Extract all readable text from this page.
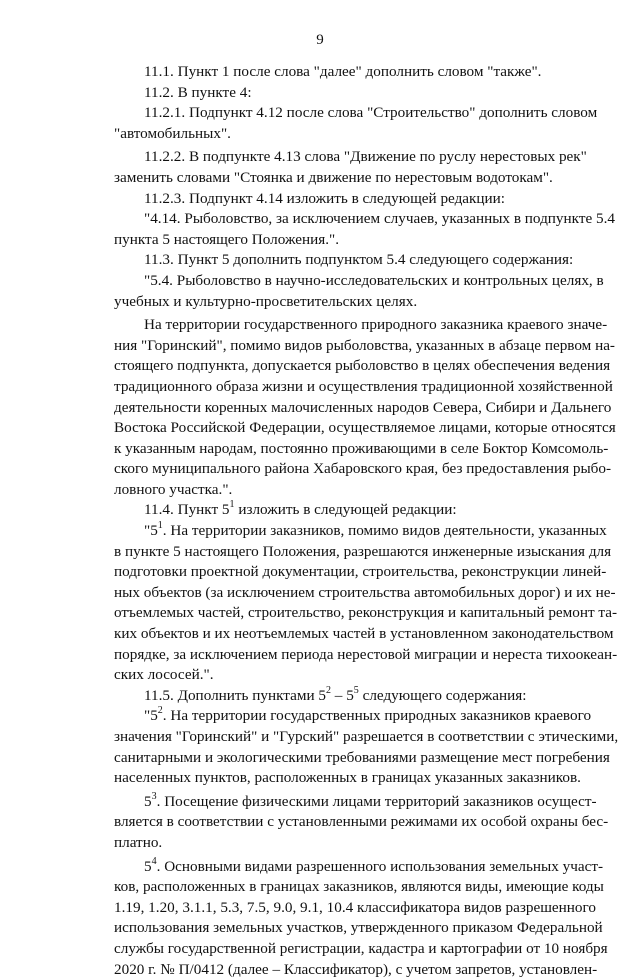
9
11.1. Пункт 1 после слова "далее" дополнить словом "также".
11.2. В пункте 4:
11.2.1. Подпункт 4.12 после слова "Строительство" дополнить словом
"автомобильных".
11.2.2. В подпункте 4.13 слова "Движение по руслу нерестовых рек"
заменить словами "Стоянка и движение по нерестовым водотокам".
11.2.3. Подпункт 4.14 изложить в следующей редакции:
"4.14. Рыболовство, за исключением случаев, указанных в подпункте 5.4
пункта 5 настоящего Положения.".
11.3. Пункт 5 дополнить подпунктом 5.4 следующего содержания:
"5.4. Рыболовство в научно-исследовательских и контрольных целях, в
учебных и культурно-просветительских целях.
На территории государственного природного заказника краевого значе-
ния "Горинский", помимо видов рыболовства, указанных в абзаце первом на-
стоящего подпункта, допускается рыболовство в целях обеспечения ведения
традиционного образа жизни и осуществления традиционной хозяйственной
деятельности коренных малочисленных народов Севера, Сибири и Дальнего
Востока Российской Федерации, осуществляемое лицами, которые относятся
к указанным народам, постоянно проживающими в селе Боктор Комсомоль-
ского муниципального района Хабаровского края, без предоставления рыбо-
ловного участка.".
11.4. Пункт $5^1$ изложить в следующей редакции:
"$5^1$. На территории заказников, помимо видов деятельности, указанных
в пункте 5 настоящего Положения, разрешаются инженерные изыскания для
подготовки проектной документации, строительства, реконструкции линей-
ных объектов (за исключением строительства автомобильных дорог) и их не-
отъемлемых частей, строительство, реконструкция и капитальный ремонт та-
ких объектов и их неотъемлемых частей в установленном законодательством
порядке, за исключением периода нерестовой миграции и нереста тихоокеан-
ских лососей.".
11.5. Дополнить пунктами $5^2 - 5^5$ следующего содержания:
"$5^2$. На территории государственных природных заказников краевого
значения "Горинский" и "Гурский" разрешается в соответствии с этическими,
санитарными и экологическими требованиями размещение мест погребения
населенных пунктов, расположенных в границах указанных заказников.
$5^3$. Посещение физическими лицами территорий заказников осущест-
вляется в соответствии с установленными режимами их особой охраны бес-
платно.
$5^4$. Основными видами разрешенного использования земельных участ-
ков, расположенных в границах заказников, являются виды, имеющие коды
1.19, 1.20, 3.1.1, 5.3, 7.5, 9.0, 9.1, 10.4 классификатора видов разрешенного
использования земельных участков, утвержденного приказом Федеральной
службы государственной регистрации, кадастра и картографии от 10 ноября
2020 г. № П/0412 (далее – Классификатор), с учетом запретов, установлен-
